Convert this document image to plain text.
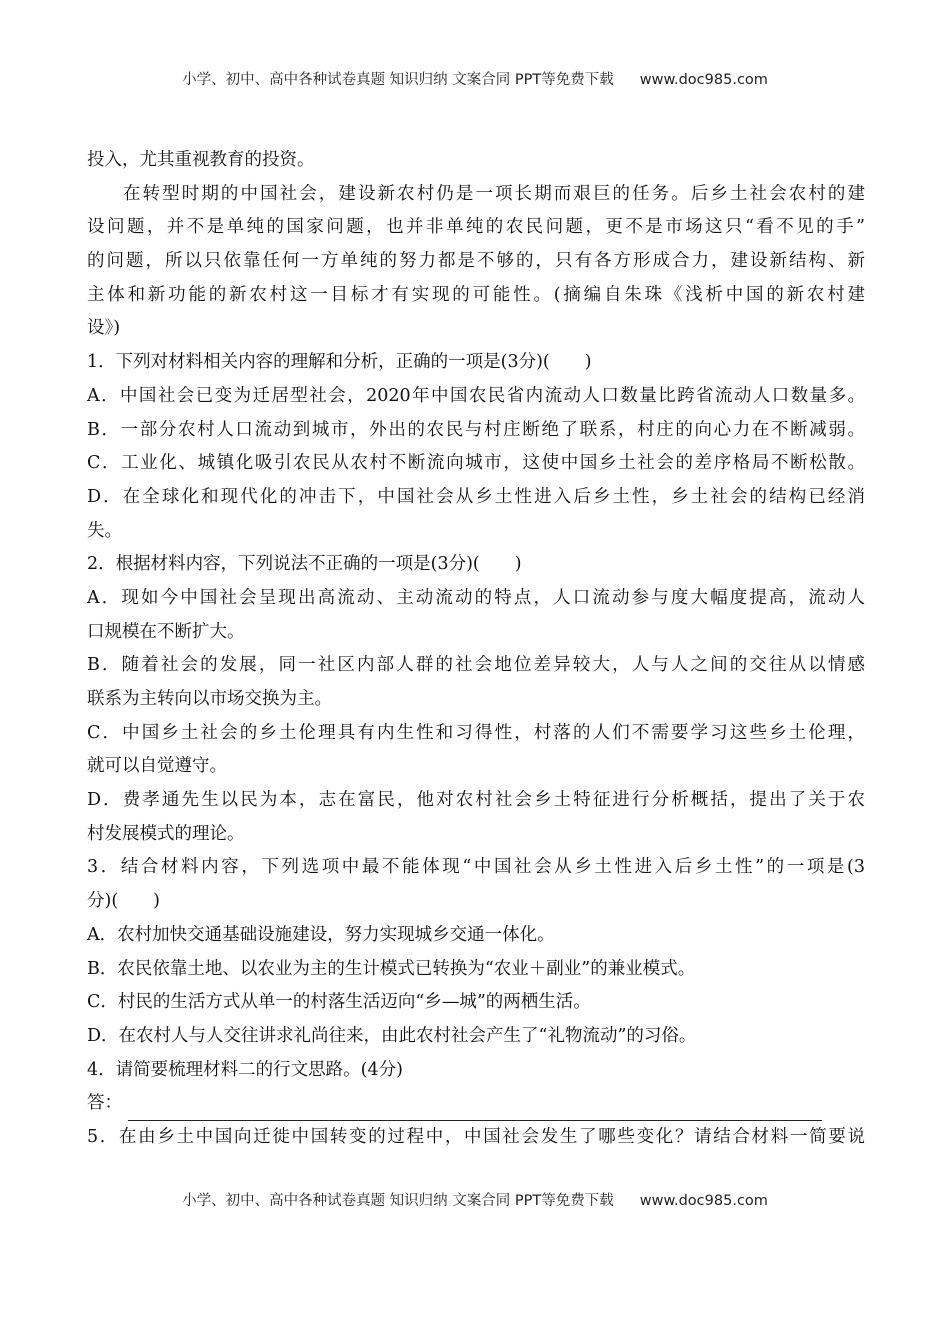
小学、初中、高中各种试卷真题 知识归纳 文案合同 PPT等免费下载 www.doc985.com
投入，尤其重视教育的投资。
在转型时期的中国社会，建设新农村仍是一项长期而艰巨的任务。后乡土社会农村的建
设问题，并不是单纯的国家问题，也并非单纯的农民问题，更不是市场这只“看不见的手”
的问题，所以只依靠任何一方单纯的努力都是不够的，只有各方形成合力，建设新结构、新
主体和新功能的新农村这一目标才有实现的可能性。(摘编自朱珠《浅析中国的新农村建
设》)
1．下列对材料相关内容的理解和分析，正确的一项是(3分)(　　)
A．中国社会已变为迁居型社会，2020年中国农民省内流动人口数量比跨省流动人口数量多。
B．一部分农村人口流动到城市，外出的农民与村庄断绝了联系，村庄的向心力在不断减弱。
C．工业化、城镇化吸引农民从农村不断流向城市，这使中国乡土社会的差序格局不断松散。
D．在全球化和现代化的冲击下，中国社会从乡土性进入后乡土性，乡土社会的结构已经消
失。
2．根据材料内容，下列说法不正确的一项是(3分)(　　)
A．现如今中国社会呈现出高流动、主动流动的特点，人口流动参与度大幅度提高，流动人
口规模在不断扩大。
B．随着社会的发展，同一社区内部人群的社会地位差异较大，人与人之间的交往从以情感
联系为主转向以市场交换为主。
C．中国乡土社会的乡土伦理具有内生性和习得性，村落的人们不需要学习这些乡土伦理，
就可以自觉遵守。
D．费孝通先生以民为本，志在富民，他对农村社会乡土特征进行分析概括，提出了关于农
村发展模式的理论。
3．结合材料内容，下列选项中最不能体现“中国社会从乡土性进入后乡土性”的一项是(3
分)(　　)
A．农村加快交通基础设施建设，努力实现城乡交通一体化。
B．农民依靠土地、以农业为主的生计模式已转换为“农业＋副业”的兼业模式。
C．村民的生活方式从单一的村落生活迈向“乡—城”的两栖生活。
D．在农村人与人交往讲求礼尚往来，由此农村社会产生了“礼物流动”的习俗。
4．请简要梳理材料二的行文思路。(4分)
答：
5．在由乡土中国向迁徙中国转变的过程中，中国社会发生了哪些变化？请结合材料一简要说
小学、初中、高中各种试卷真题 知识归纳 文案合同 PPT等免费下载 www.doc985.com
